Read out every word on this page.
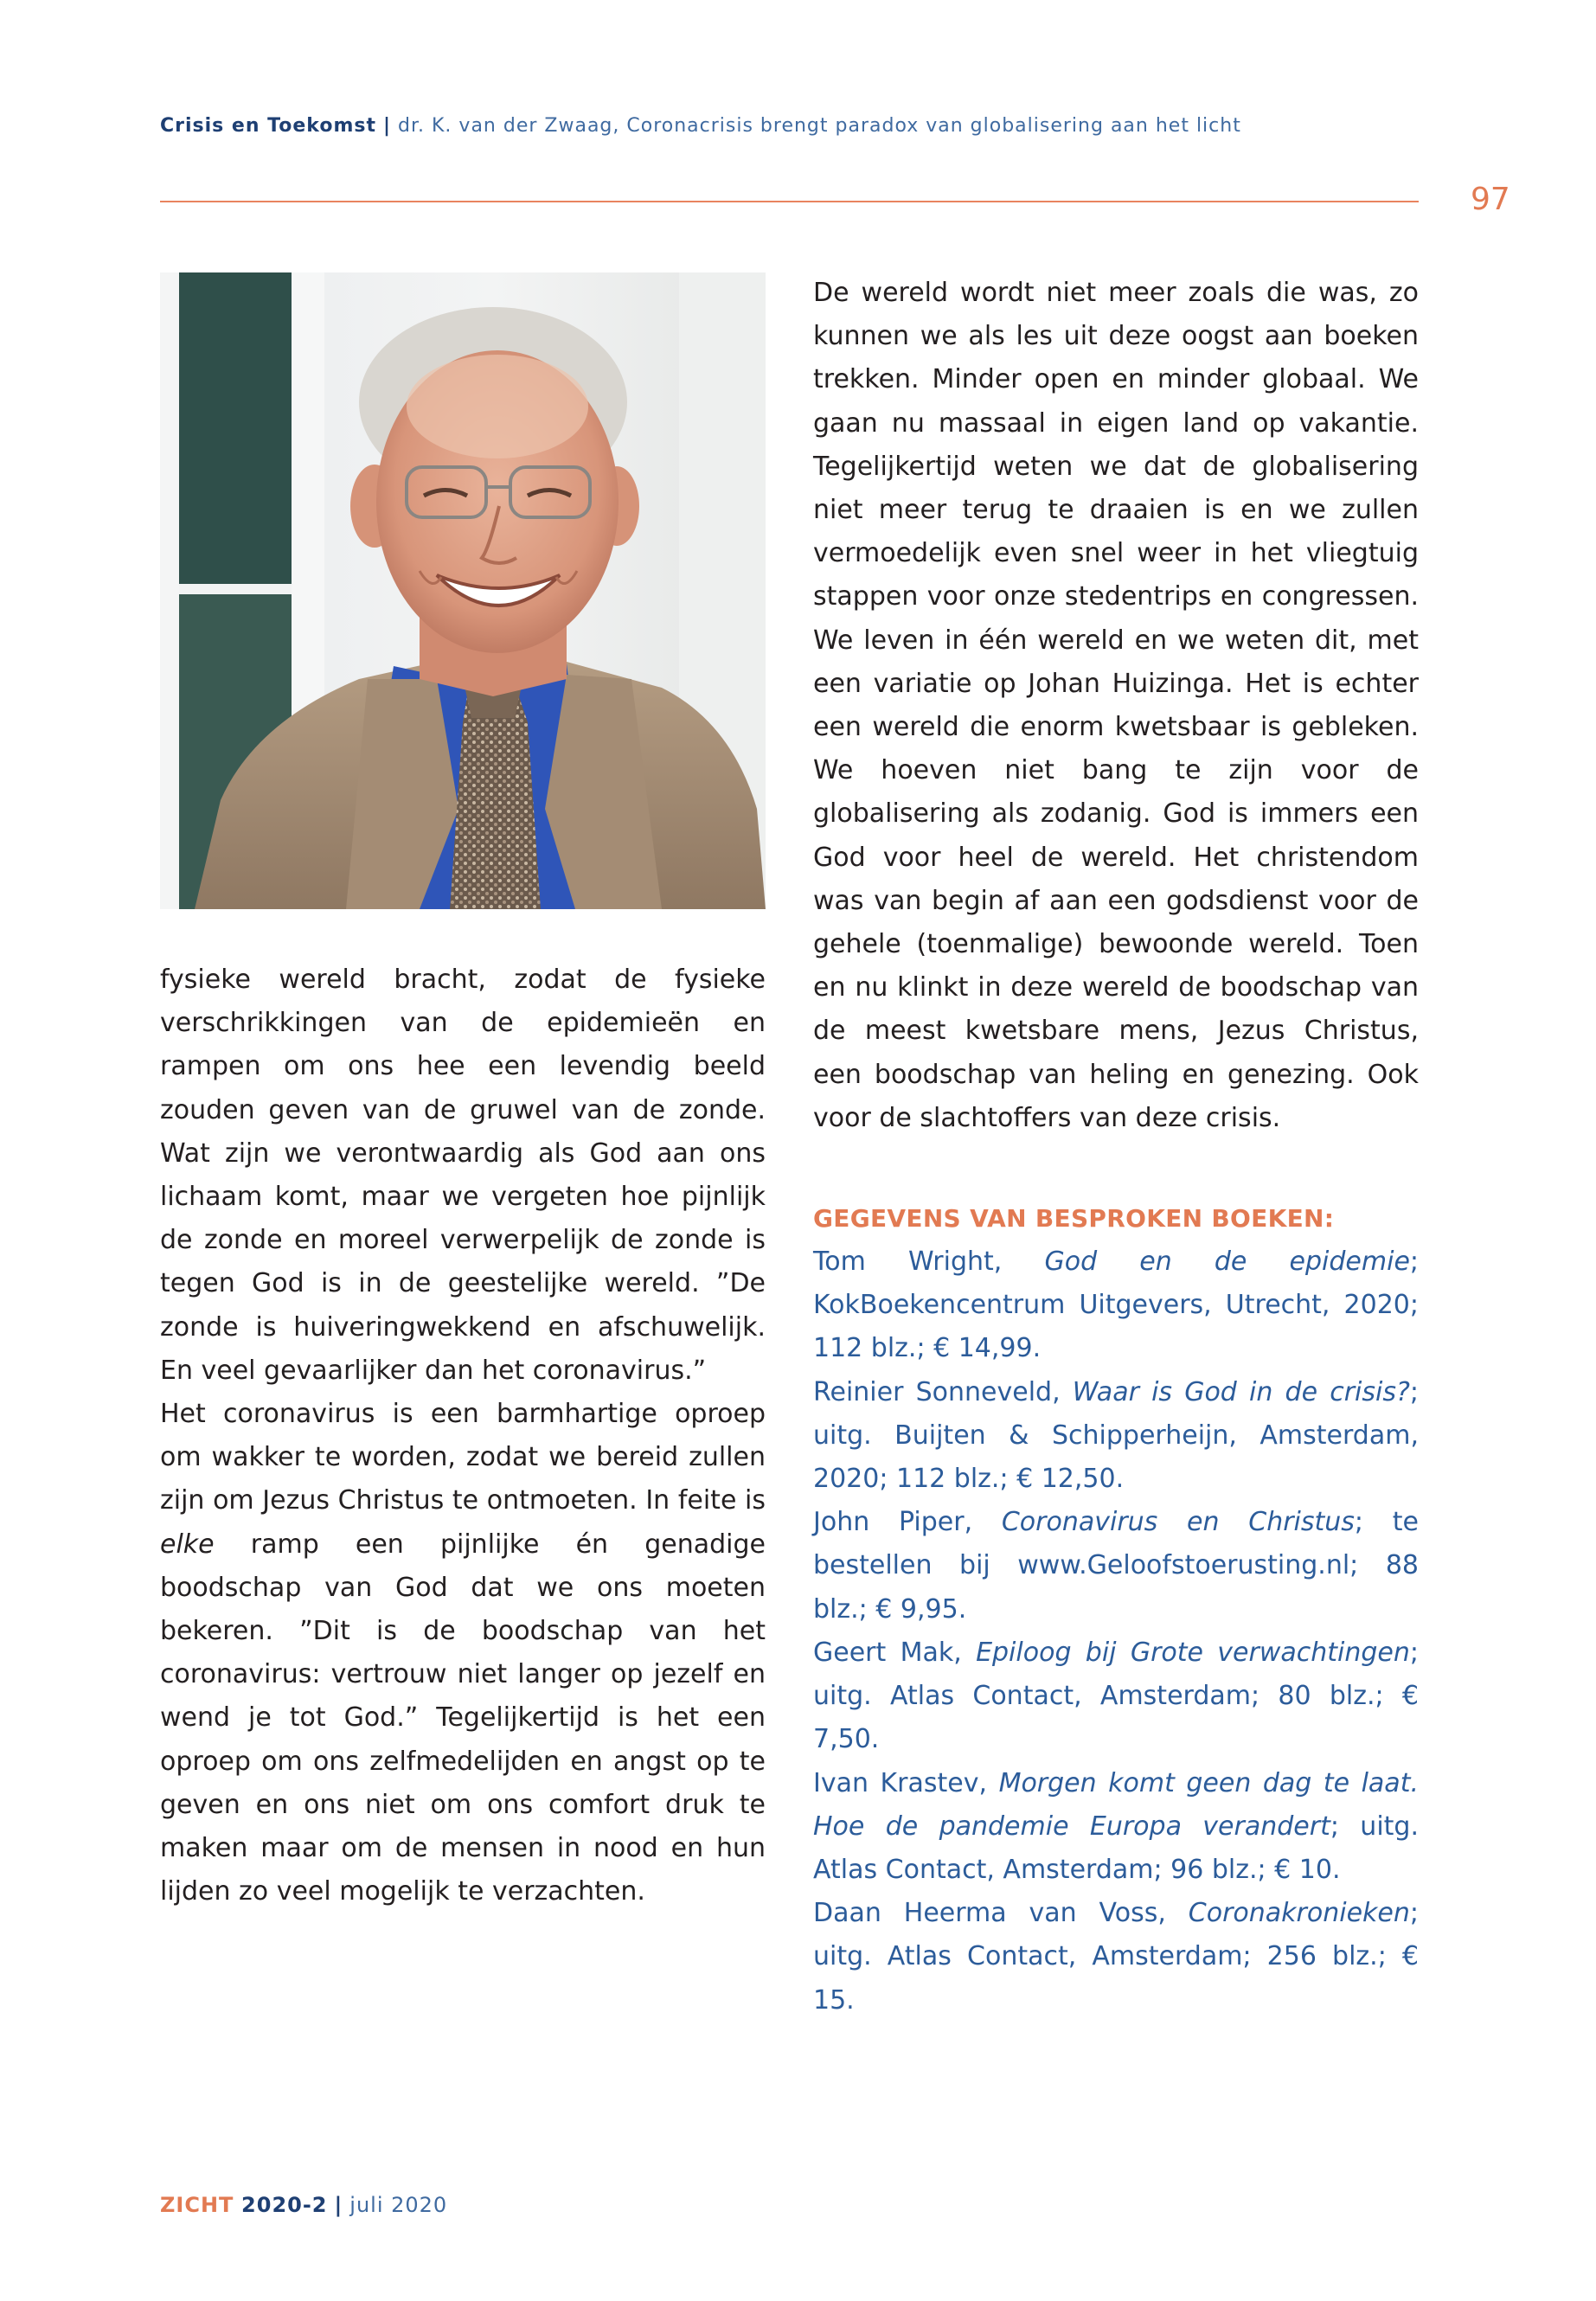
Crisis en Toekomst | dr. K. van der Zwaag, Coronacrisis brengt paradox van globalisering aan het licht
97

fysieke wereld bracht, zodat de fysieke verschrikkingen van de epidemieën en rampen om ons hee een levendig beeld zouden geven van de gruwel van de zonde. Wat zijn we verontwaardig als God aan ons lichaam komt, maar we vergeten hoe pijnlijk de zonde en moreel verwerpelijk de zonde is tegen God is in de geestelijke wereld. ”De zonde is huiveringwekkend en afschuwelijk. En veel gevaarlijker dan het coronavirus.”

Het coronavirus is een barmhartige oproep om wakker te worden, zodat we bereid zullen zijn om Jezus Christus te ontmoeten. In feite is elke ramp een pijnlijke én genadige boodschap van God dat we ons moeten bekeren. ”Dit is de boodschap van het coronavirus: vertrouw niet langer op jezelf en wend je tot God.” Tegelijkertijd is het een oproep om ons zelfmedelijden en angst op te geven en ons niet om ons comfort druk te maken maar om de mensen in nood en hun lijden zo veel mogelijk te verzachten.

De wereld wordt niet meer zoals die was, zo kunnen we als les uit deze oogst aan boeken trekken. Minder open en minder globaal. We gaan nu massaal in eigen land op vakantie. Tegelijkertijd weten we dat de globalisering niet meer terug te draaien is en we zullen vermoedelijk even snel weer in het vliegtuig stappen voor onze stedentrips en congressen. We leven in één wereld en we weten dit, met een variatie op Johan Huizinga. Het is echter een wereld die enorm kwetsbaar is gebleken. We hoeven niet bang te zijn voor de globalisering als zodanig. God is immers een God voor heel de wereld. Het christendom was van begin af aan een godsdienst voor de gehele (toenmalige) bewoonde wereld. Toen en nu klinkt in deze wereld de boodschap van de meest kwetsbare mens, Jezus Christus, een boodschap van heling en genezing. Ook voor de slachtoffers van deze crisis.

GEGEVENS VAN BESPROKEN BOEKEN:

Tom Wright, God en de epidemie; KokBoekencentrum Uitgevers, Utrecht, 2020; 112 blz.; € 14,99.

Reinier Sonneveld, Waar is God in de crisis?; uitg. Buijten & Schipperheijn, Amsterdam, 2020; 112 blz.; € 12,50.

John Piper, Coronavirus en Christus; te bestellen bij www.Geloofstoerusting.nl; 88 blz.; € 9,95.

Geert Mak, Epiloog bij Grote verwachtingen; uitg. Atlas Contact, Amsterdam; 80 blz.; € 7,50.

Ivan Krastev, Morgen komt geen dag te laat. Hoe de pandemie Europa verandert; uitg. Atlas Contact, Amsterdam; 96 blz.; € 10.

Daan Heerma van Voss, Coronakronieken; uitg. Atlas Contact, Amsterdam; 256 blz.; € 15.

ZICHT 2020-2 | juli 2020
